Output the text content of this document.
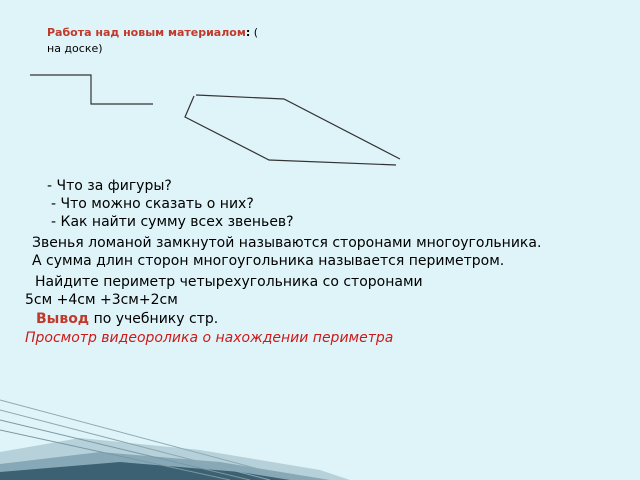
Работа над новым материалом: (
на доске)
- Что за фигуры?
- Что можно сказать о них?
- Как найти сумму всех звеньев?
Звенья ломаной замкнутой называются сторонами многоугольника.
А сумма длин сторон многоугольника называется периметром.
Найдите периметр четырехугольника со сторонами
5см +4см +3см+2см
Вывод по учебнику стр.
Просмотр видеоролика о нахождении периметра
